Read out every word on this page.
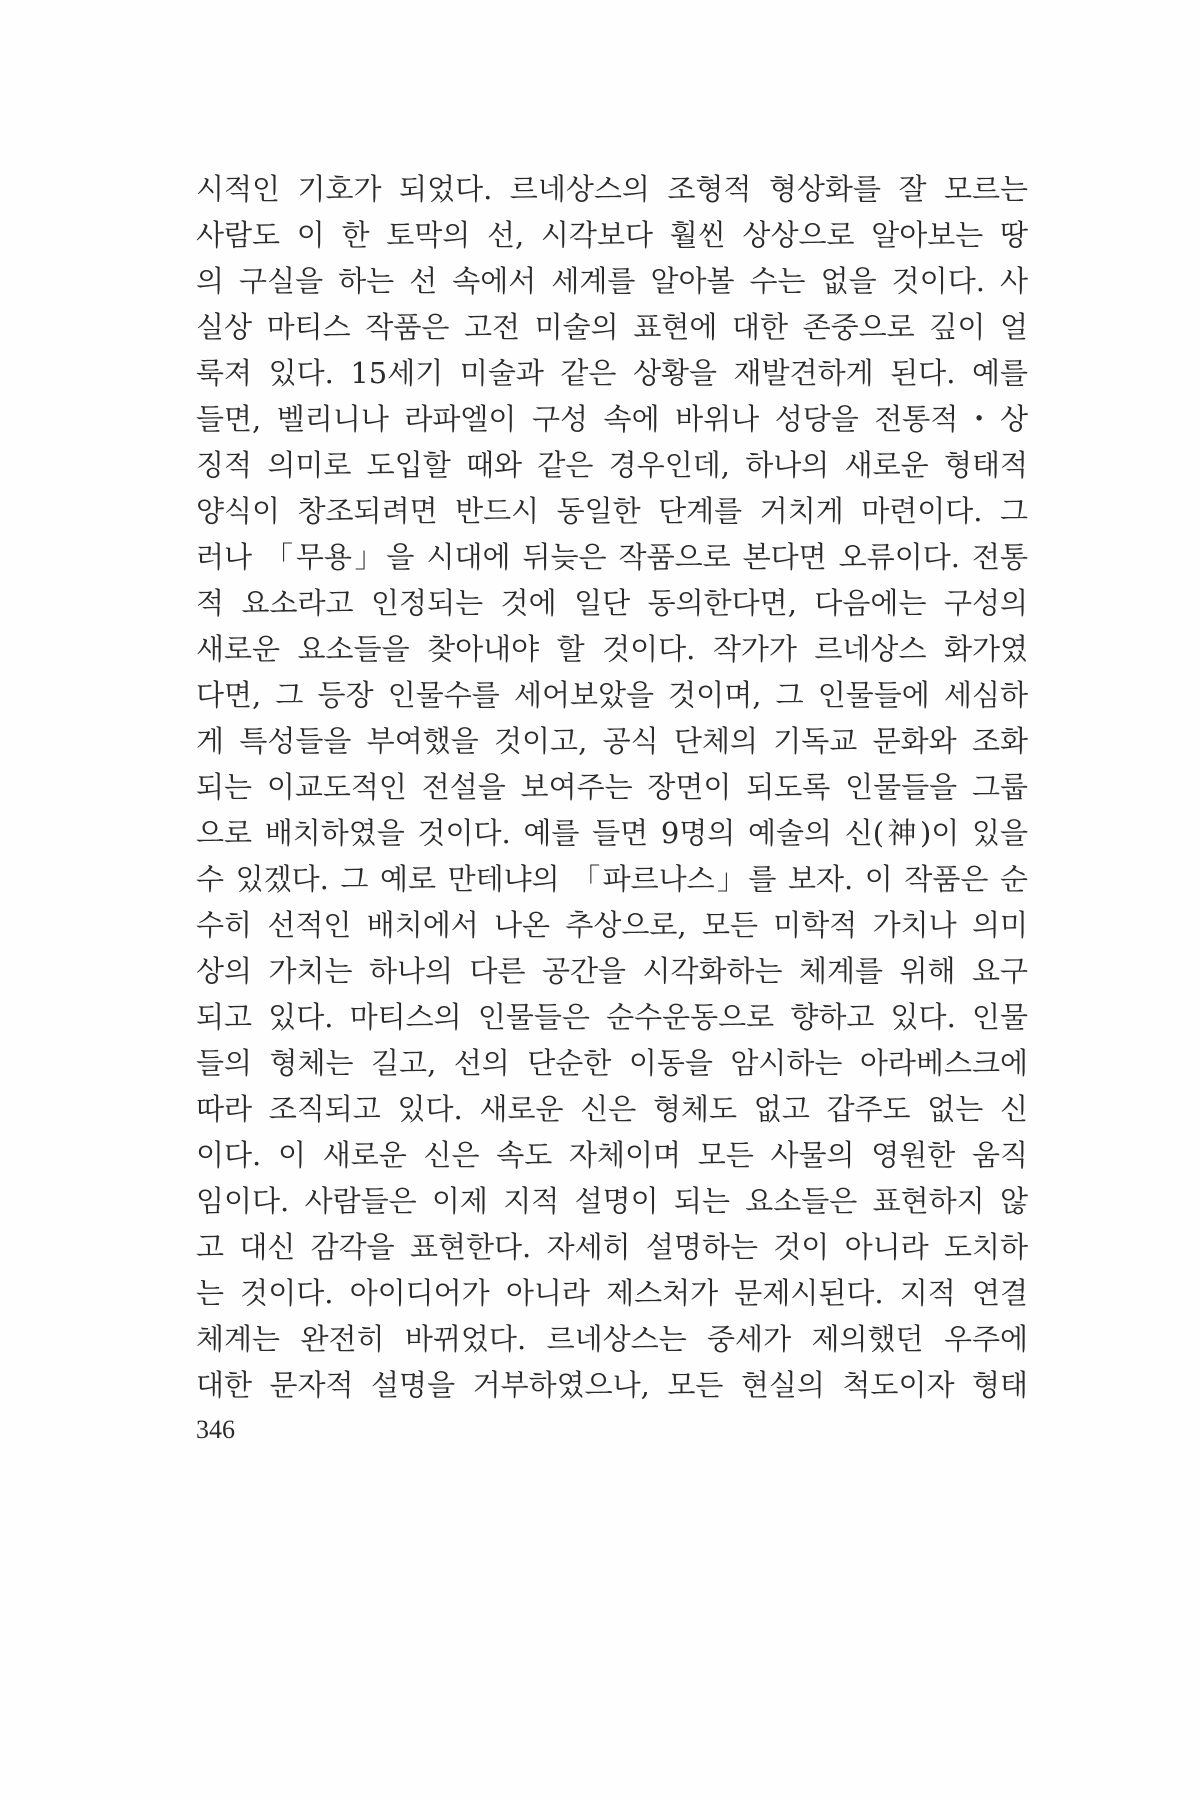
시적인 기호가 되었다. 르네상스의 조형적 형상화를 잘 모르는
사람도 이 한 토막의 선, 시각보다 훨씬 상상으로 알아보는 땅
의 구실을 하는 선 속에서 세계를 알아볼 수는 없을 것이다. 사
실상 마티스 작품은 고전 미술의 표현에 대한 존중으로 깊이 얼
룩져 있다. 15세기 미술과 같은 상황을 재발견하게 된다. 예를
들면, 벨리니나 라파엘이 구성 속에 바위나 성당을 전통적・상
징적 의미로 도입할 때와 같은 경우인데, 하나의 새로운 형태적
양식이 창조되려면 반드시 동일한 단계를 거치게 마련이다. 그
러나 「무용」을 시대에 뒤늦은 작품으로 본다면 오류이다. 전통
적 요소라고 인정되는 것에 일단 동의한다면, 다음에는 구성의
새로운 요소들을 찾아내야 할 것이다. 작가가 르네상스 화가였
다면, 그 등장 인물수를 세어보았을 것이며, 그 인물들에 세심하
게 특성들을 부여했을 것이고, 공식 단체의 기독교 문화와 조화
되는 이교도적인 전설을 보여주는 장면이 되도록 인물들을 그룹
으로 배치하였을 것이다. 예를 들면 9명의 예술의 신(神)이 있을
수 있겠다. 그 예로 만테냐의 「파르나스」를 보자. 이 작품은 순
수히 선적인 배치에서 나온 추상으로, 모든 미학적 가치나 의미
상의 가치는 하나의 다른 공간을 시각화하는 체계를 위해 요구
되고 있다. 마티스의 인물들은 순수운동으로 향하고 있다. 인물
들의 형체는 길고, 선의 단순한 이동을 암시하는 아라베스크에
따라 조직되고 있다. 새로운 신은 형체도 없고 갑주도 없는 신
이다. 이 새로운 신은 속도 자체이며 모든 사물의 영원한 움직
임이다. 사람들은 이제 지적 설명이 되는 요소들은 표현하지 않
고 대신 감각을 표현한다. 자세히 설명하는 것이 아니라 도치하
는 것이다. 아이디어가 아니라 제스처가 문제시된다. 지적 연결
체계는 완전히 바뀌었다. 르네상스는 중세가 제의했던 우주에
대한 문자적 설명을 거부하였으나, 모든 현실의 척도이자 형태
346
